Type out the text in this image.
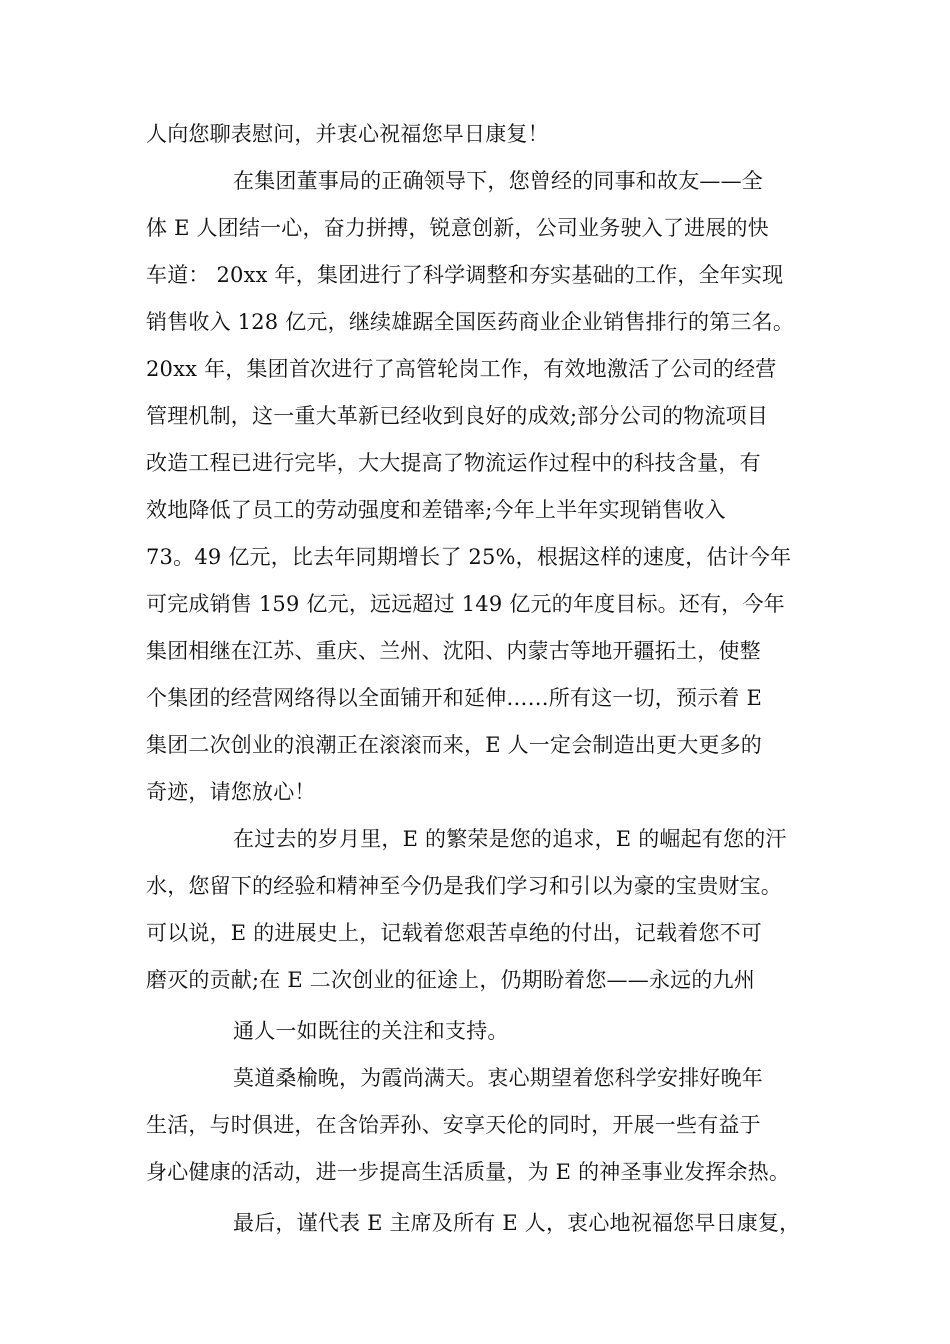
人向您聊表慰问，并衷心祝福您早日康复！
在集团董事局的正确领导下，您曾经的同事和故友——全
体 E 人团结一心，奋力拼搏，锐意创新，公司业务驶入了进展的快
车道： 20xx 年，集团进行了科学调整和夯实基础的工作，全年实现
销售收入 128 亿元，继续雄踞全国医药商业企业销售排行的第三名。
20xx 年，集团首次进行了高管轮岗工作，有效地激活了公司的经营
管理机制，这一重大革新已经收到良好的成效;部分公司的物流项目
改造工程已进行完毕，大大提高了物流运作过程中的科技含量，有
效地降低了员工的劳动强度和差错率;今年上半年实现销售收入
73。49 亿元，比去年同期增长了 25%，根据这样的速度，估计今年
可完成销售 159 亿元，远远超过 149 亿元的年度目标。还有，今年
集团相继在江苏、重庆、兰州、沈阳、内蒙古等地开疆拓土，使整
个集团的经营网络得以全面铺开和延伸……所有这一切，预示着 E
集团二次创业的浪潮正在滚滚而来，E 人一定会制造出更大更多的
奇迹，请您放心！
在过去的岁月里，E 的繁荣是您的追求，E 的崛起有您的汗
水，您留下的经验和精神至今仍是我们学习和引以为豪的宝贵财宝。
可以说，E 的进展史上，记载着您艰苦卓绝的付出，记载着您不可
磨灭的贡献;在 E 二次创业的征途上，仍期盼着您——永远的九州
通人一如既往的关注和支持。
莫道桑榆晚，为霞尚满天。衷心期望着您科学安排好晚年
生活，与时俱进，在含饴弄孙、安享天伦的同时，开展一些有益于
身心健康的活动，进一步提高生活质量，为 E 的神圣事业发挥余热。
最后，谨代表 E 主席及所有 E 人，衷心地祝福您早日康复，
